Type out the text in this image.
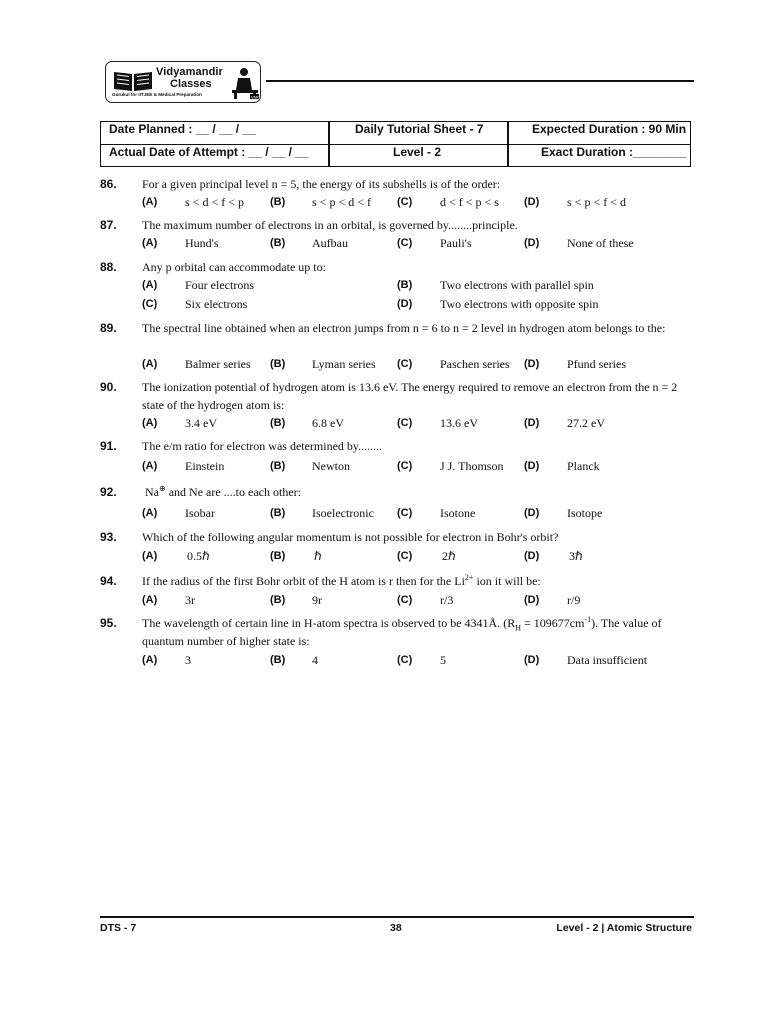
Vidyamandir
Classes
Gurukul for IITJEE & Medical Preparation	VMC
Date Planned : __ / __ / __	Daily Tutorial Sheet - 7	Expected Duration : 90 Min
Actual Date of Attempt : __ / __ / __	Level - 2	Exact Duration :________
86. For a given principal level n = 5, the energy of its subshells is of the order:
(A) s < d < f < p (B) s < p < d < f (C) d < f < p < s (D) s < p < f < d
87. The maximum number of electrons in an orbital, is governed by........principle.
(A) Hund's	(B) Aufbau	(C) Pauli's	(D) None of these
88. Any p orbital can accommodate up to:
(A) Four electrons	(B) Two electrons with parallel spin
(C) Six electrons	(D) Two electrons with opposite spin
89. The spectral line obtained when an electron jumps from n = 6 to n = 2 level in hydrogen atom belongs to the:
(A) Balmer series (B) Lyman series (C) Paschen series (D) Pfund series
90. The ionization potential of hydrogen atom is 13.6 eV. The energy required to remove an electron from the n = 2 state of the hydrogen atom is:
(A) 3.4 eV	(B) 6.8 eV	(C) 13.6 eV	(D) 27.2 eV
91. The e/m ratio for electron was determined by........
(A) Einstein	(B) Newton	(C) J J. Thomson (D) Planck
92. Na⊕ and Ne are ....to each other:
(A) Isobar	(B) Isoelectronic (C) Isotone	(D) Isotope
93. Which of the following angular momentum is not possible for electron in Bohr's orbit?
(A) 0.5ℏ	(B) ℏ	(C) 2ℏ	(D) 3ℏ
94. If the radius of the first Bohr orbit of the H atom is r then for the $Li^{2+}$ ion it will be:
(A) 3r	(B) 9r	(C) r/3	(D) r/9
95. The wavelength of certain line in H-atom spectra is observed to be 4341Å. $(R_H = 109677cm^{-1})$. The value of quantum number of higher state is:
(A) 3	(B) 4	(C) 5	(D) Data insufficient
DTS - 7	38	Level - 2 | Atomic Structure
